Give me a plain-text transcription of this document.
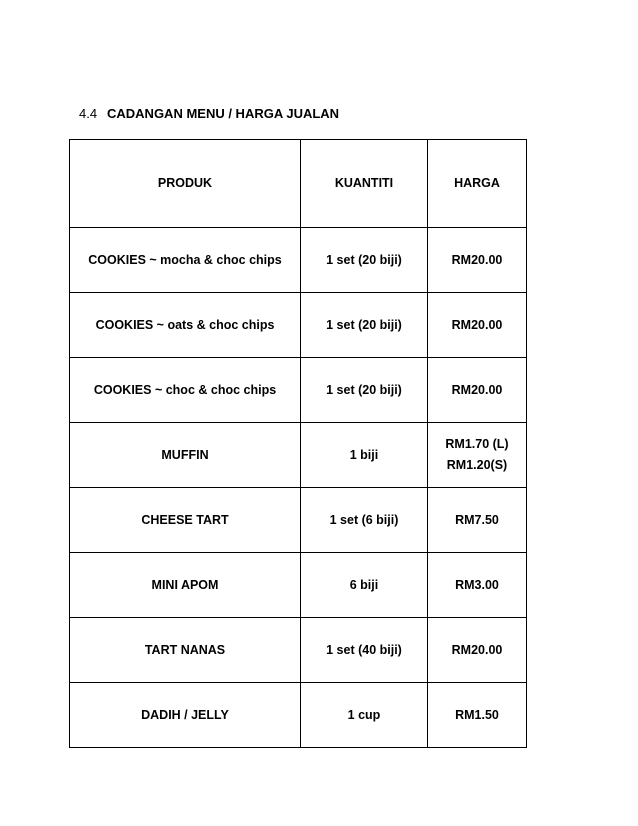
4.4 CADANGAN MENU / HARGA JUALAN
PRODUK	KUANTITI	HARGA
COOKIES ~ mocha & choc chips	1 set (20 biji)	RM20.00

COOKIES ~ oats & choc chips	1 set (20 biji)	RM20.00

COOKIES ~ choc & choc chips	1 set (20 biji)	RM20.00

MUFFIN	1 biji	RM1.70 (L)
RM1.20(S)

CHEESE TART	1 set (6 biji)	RM7.50

MINI APOM	6 biji	RM3.00

TART NANAS	1 set (40 biji)	RM20.00

DADIH / JELLY	1 cup	RM1.50
